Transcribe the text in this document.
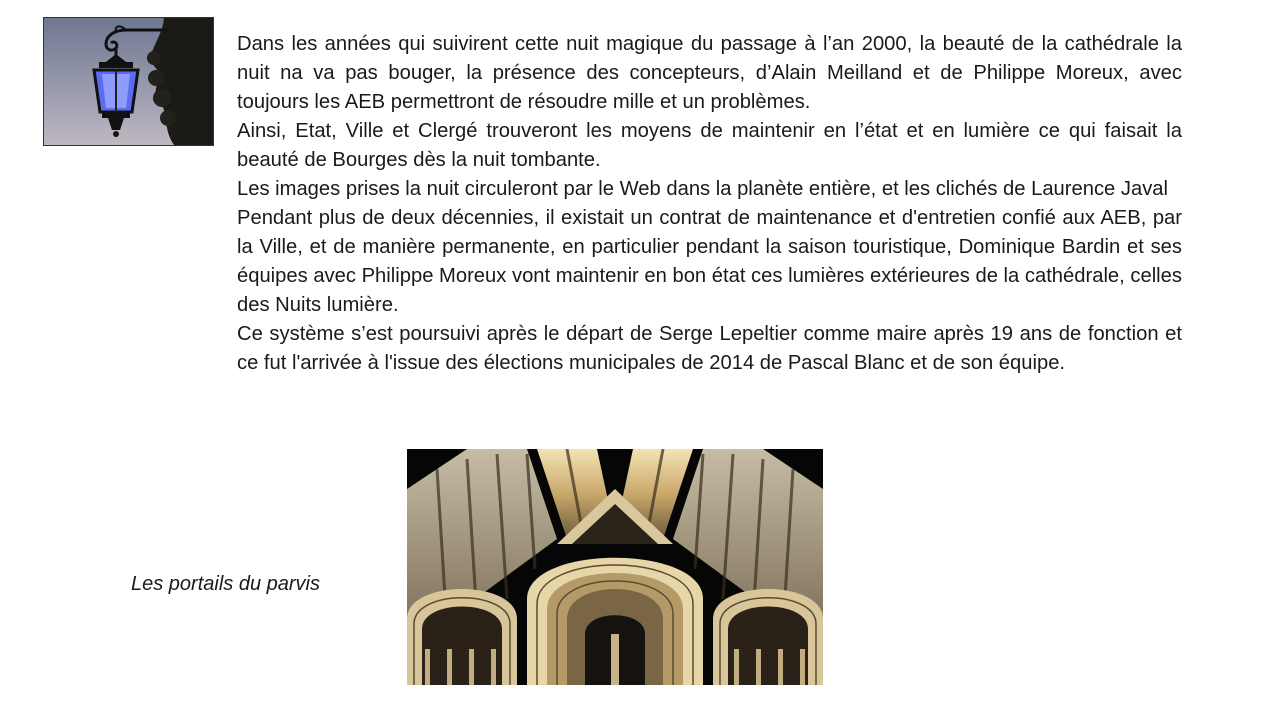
Dans les années qui suivirent cette nuit magique du passage à l’an 2000, la beauté de la cathédrale la nuit na va pas bouger, la présence des concepteurs, d’Alain Meilland et de Philippe Moreux, avec toujours les AEB permettront de résoudre mille et un problèmes.

Ainsi, Etat, Ville et Clergé trouveront les moyens de maintenir en l’état et en lumière ce qui faisait la beauté de Bourges dès la nuit tombante.

Les images prises la nuit circuleront par le Web dans la planète entière, et les clichés de Laurence Javal

Pendant plus de deux décennies, il existait un contrat de maintenance et d'entretien confié aux AEB, par la Ville, et de manière permanente, en particulier pendant la saison touristique, Dominique Bardin et ses équipes avec Philippe Moreux vont maintenir en bon état ces lumières extérieures de la cathédrale, celles des Nuits lumière.

Ce système s’est poursuivi après le départ de Serge Lepeltier comme maire après 19 ans de fonction et ce fut l'arrivée à l'issue des élections municipales de 2014 de Pascal Blanc et de son équipe.

Les portails du parvis
